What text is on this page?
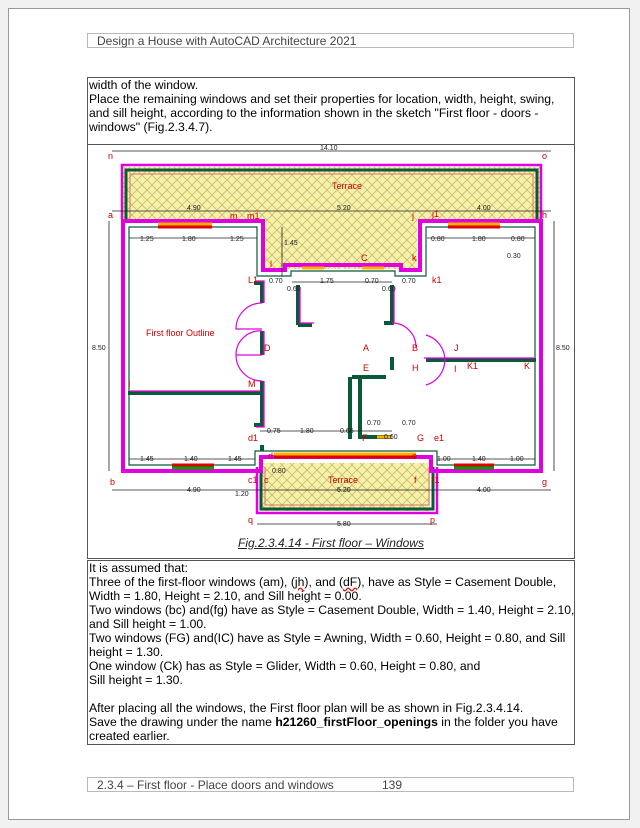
Design a House with AutoCAD Architecture 2021
width of the window.
Place the remaining windows and set their properties for location, width, height, swing, and sill height, according to the information shown in the sketch "First floor - doors - windows" (Fig.2.3.4.7).
14.10
4.90	5.20	4.00
1.25	1.80	1.25
1.45
0.80	1.80	0.80
0.30
0.70
0.60
1.75	0.70
0.60
0.70
8.50	8.50
0.75	1.80	0.65
0.70
0.60
0.70
1.45	1.40	1.45	1.00	1.40	1.00
0.80
4.90	5.20	4.00
1.20
5.80
Terrace
Terrace
First floor Outline
n	o
a	m m1	j j1	h
l
C	k
L1	k1
D	A	B	J
I K1	K
E	H
I	M
d1	e1
F	G
d	e
b	c1 c	f f1	g
q	p
Fig.2.3.4.14 - First floor – Windows

It is assumed that:

Three of the first-floor windows (am), (jh), and (dF), have as Style = Casement Double, Width = 1.80, Height = 2.10, and Sill height = 0.00.

Two windows (bc) and(fg) have as Style = Casement Double, Width = 1.40, Height = 2.10, and Sill height = 1.00.

Two windows (FG) and(IC) have as Style = Awning, Width = 0.60, Height = 0.80, and Sill height = 1.30.

One window (Ck) has as Style = Glider, Width = 0.60, Height = 0.80, and

Sill height = 1.30.

After placing all the windows, the First floor plan will be as shown in Fig.2.3.4.14.

Save the drawing under the name h21260_firstFloor_openings in the folder you have created earlier.

2.3.4 – First floor - Place doors and windows	139
